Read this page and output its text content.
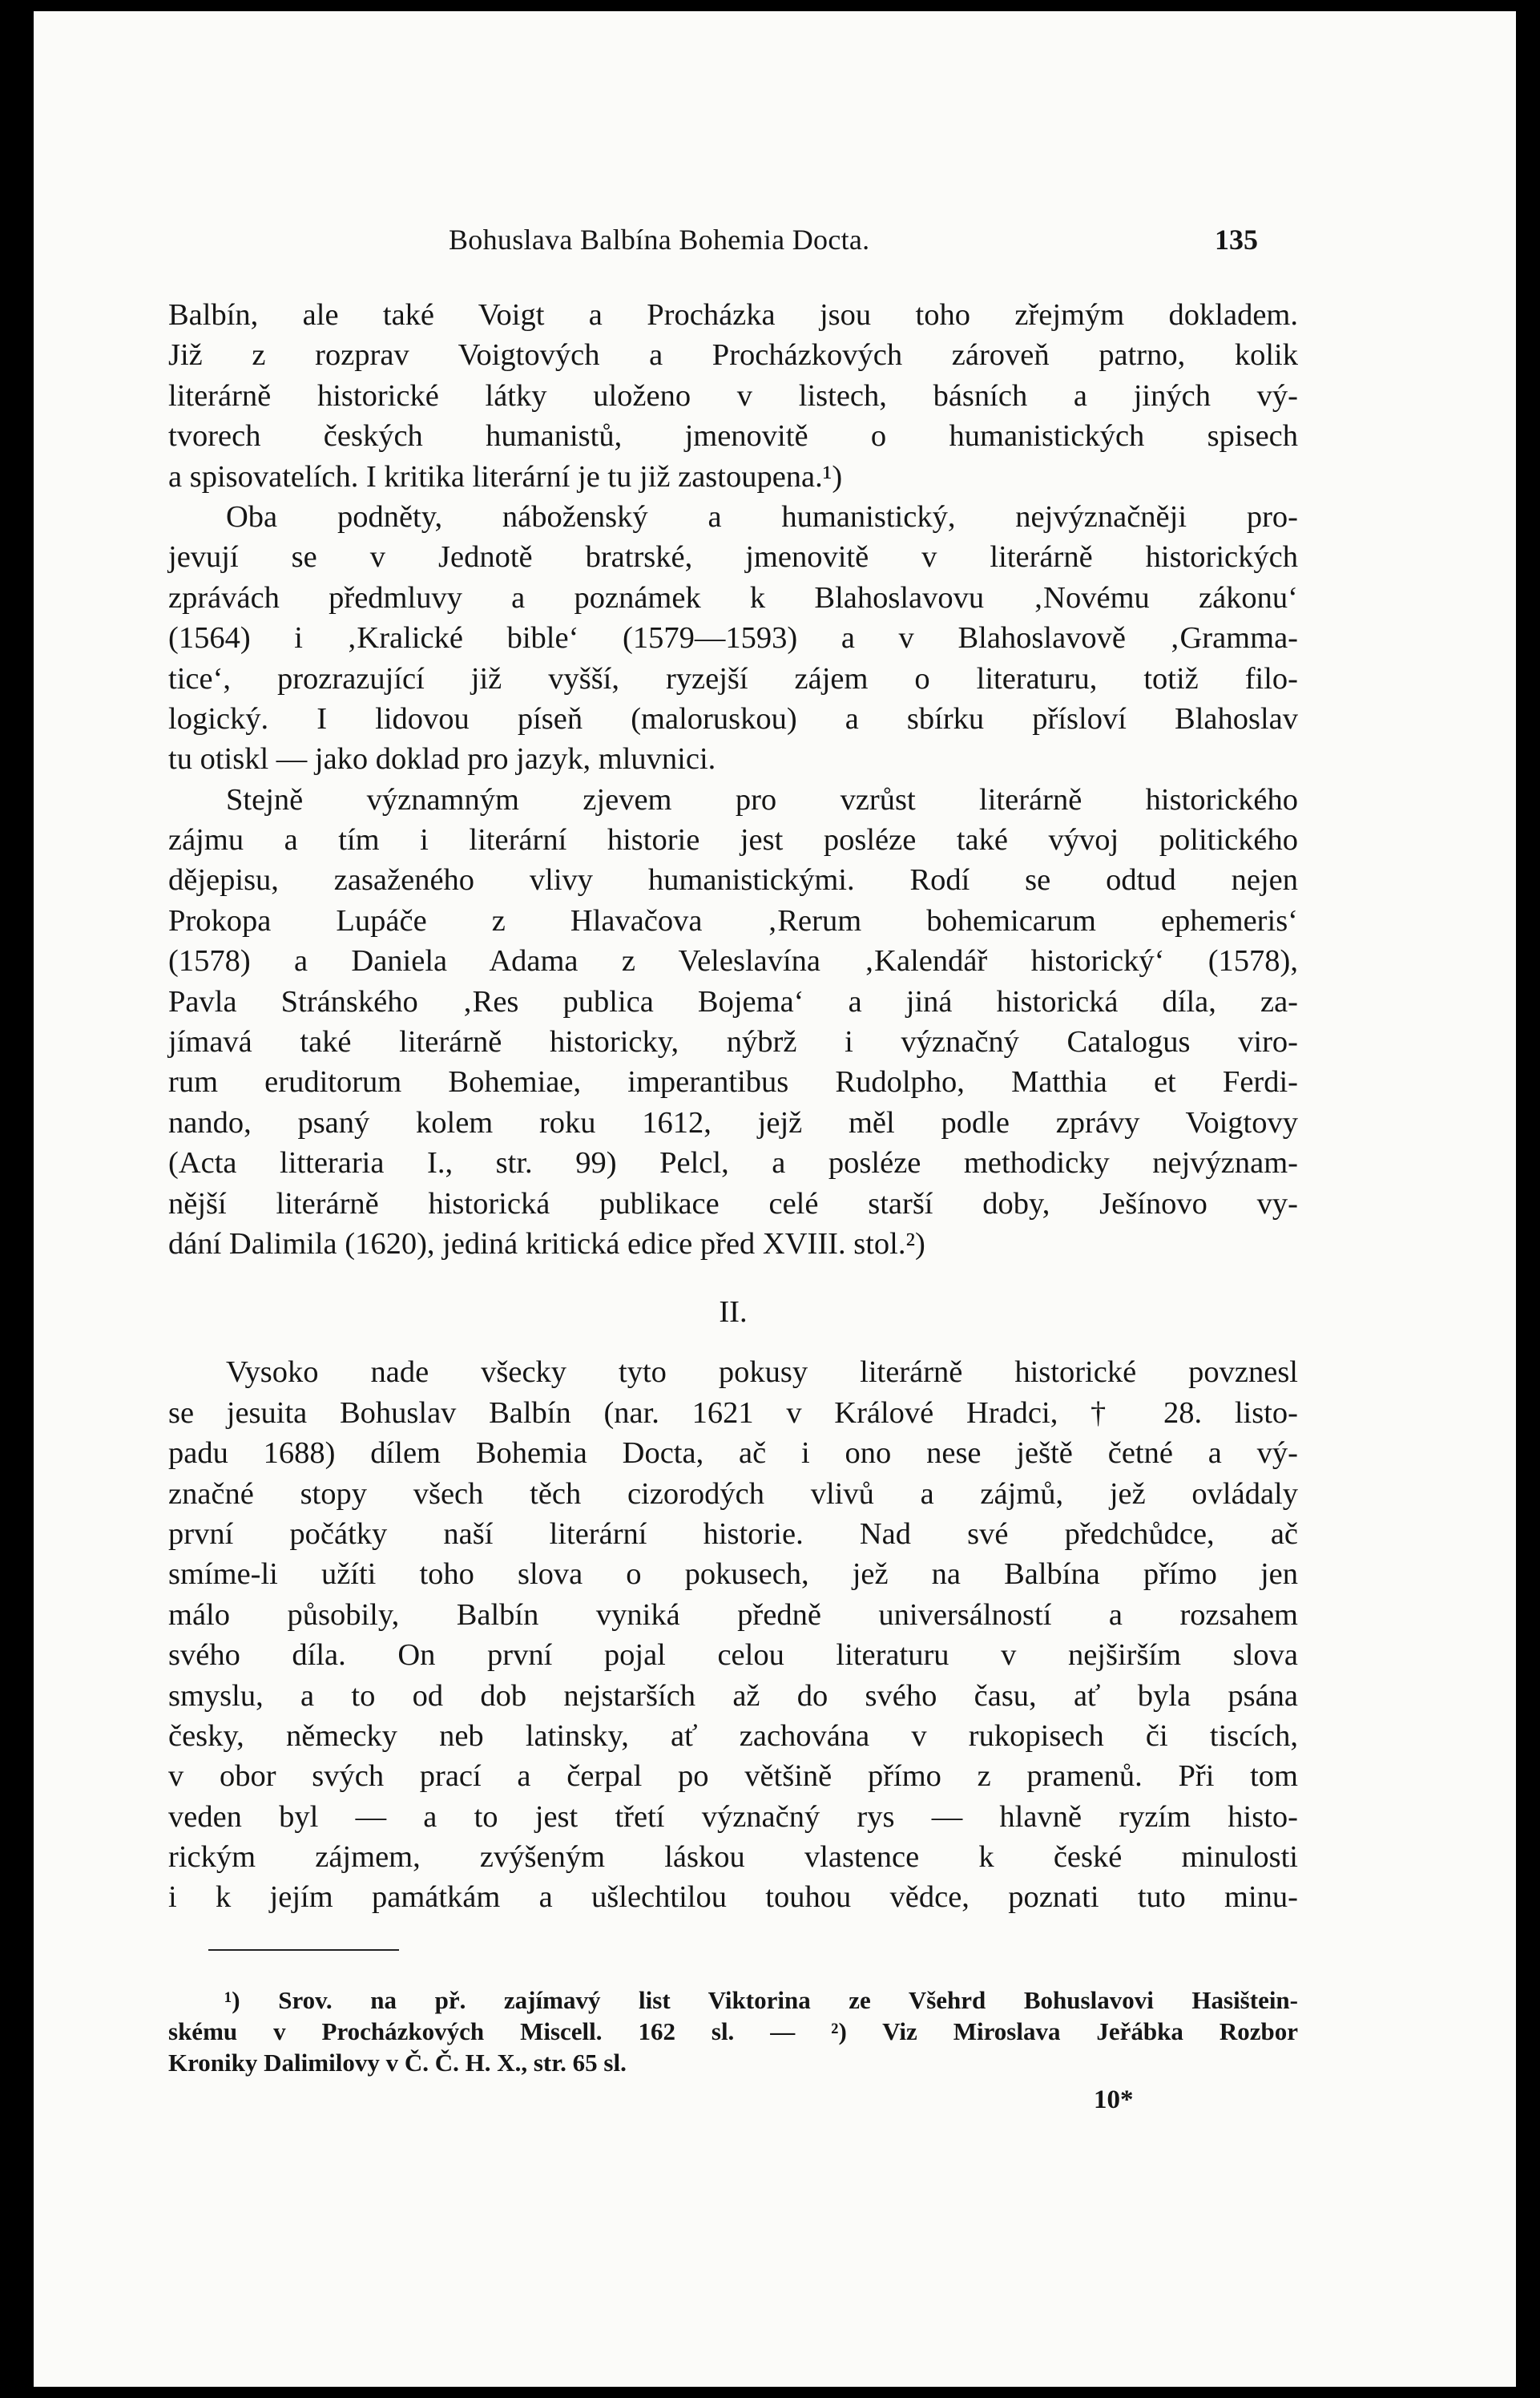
Bohuslava Balbína Bohemia Docta.	135
Balbín, ale také Voigt a Procházka jsou toho zřejmým dokladem.
Již z rozprav Voigtových a Procházkových zároveň patrno, kolik
literárně historické látky uloženo v listech, básních a jiných vý-
tvorech českých humanistů, jmenovitě o humanistických spisech
a spisovatelích. I kritika literární je tu již zastoupena.¹)
Oba podněty, náboženský a humanistický, nejvýznačněji pro-
jevují se v Jednotě bratrské, jmenovitě v literárně historických
zprávách předmluvy a poznámek k Blahoslavovu ‚Novému zákonu‘
(1564) i ‚Kralické bible‘ (1579—1593) a v Blahoslavově ‚Gramma-
tice‘, prozrazující již vyšší, ryzejší zájem o literaturu, totiž filo-
logický. I lidovou píseň (maloruskou) a sbírku přísloví Blahoslav
tu otiskl — jako doklad pro jazyk, mluvnici.
Stejně významným zjevem pro vzrůst literárně historického
zájmu a tím i literární historie jest posléze také vývoj politického
dějepisu, zasaženého vlivy humanistickými. Rodí se odtud nejen
Prokopa Lupáče z Hlavačova ‚Rerum bohemicarum ephemeris‘
(1578) a Daniela Adama z Veleslavína ‚Kalendář historický‘ (1578),
Pavla Stránského ‚Res publica Bojema‘ a jiná historická díla, za-
jímavá také literárně historicky, nýbrž i význačný Catalogus viro-
rum eruditorum Bohemiae, imperantibus Rudolpho, Matthia et Ferdi-
nando, psaný kolem roku 1612, jejž měl podle zprávy Voigtovy
(Acta litteraria I., str. 99) Pelcl, a posléze methodicky nejvýznam-
nější literárně historická publikace celé starší doby, Ješínovo vy-
dání Dalimila (1620), jediná kritická edice před XVIII. stol.²)
II.
Vysoko nade všecky tyto pokusy literárně historické povznesl
se jesuita Bohuslav Balbín (nar. 1621 v Králové Hradci, † 28. listo-
padu 1688) dílem Bohemia Docta, ač i ono nese ještě četné a vý-
značné stopy všech těch cizorodých vlivů a zájmů, jež ovládaly
první počátky naší literární historie. Nad své předchůdce, ač
smíme-li užíti toho slova o pokusech, jež na Balbína přímo jen
málo působily, Balbín vyniká předně universálností a rozsahem
svého díla. On první pojal celou literaturu v nejširším slova
smyslu, a to od dob nejstarších až do svého času, ať byla psána
česky, německy neb latinsky, ať zachována v rukopisech či tiscích,
v obor svých prací a čerpal po většině přímo z pramenů. Při tom
veden byl — a to jest třetí význačný rys — hlavně ryzím histo-
rickým zájmem, zvýšeným láskou vlastence k české minulosti
i k jejím památkám a ušlechtilou touhou vědce, poznati tuto minu-
¹) Srov. na př. zajímavý list Viktorina ze Všehrd Bohuslavovi Hasištein-
skému v Procházkových Miscell. 162 sl. — ²) Viz Miroslava Jeřábka Rozbor
Kroniky Dalimilovy v Č. Č. H. X., str. 65 sl.
10*
